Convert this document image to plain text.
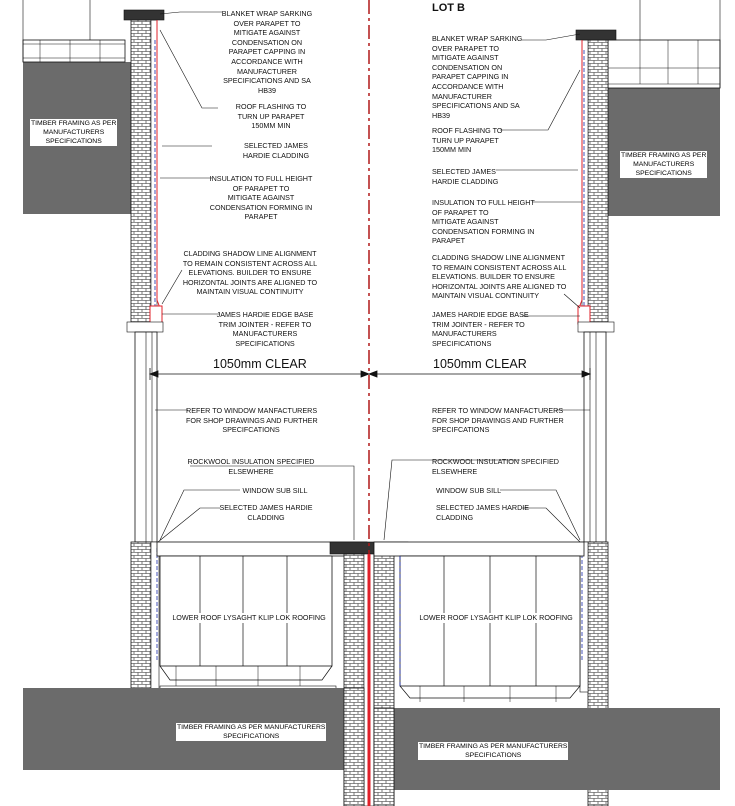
LOT B
1050mm CLEAR	1050mm CLEAR
BLANKET WRAP SARKING
OVER PARAPET TO
MITIGATE AGAINST
CONDENSATION ON
PARAPET CAPPING IN
ACCORDANCE WITH
MANUFACTURER
SPECIFICATIONS AND SA
HB39
ROOF FLASHING TO
TURN UP PARAPET
150MM MIN
SELECTED JAMES
HARDIE CLADDING
INSULATION TO FULL HEIGHT
OF PARAPET TO
MITIGATE AGAINST
CONDENSATION FORMING IN
PARAPET
CLADDING SHADOW LINE ALIGNMENT
TO REMAIN CONSISTENT ACROSS ALL
ELEVATIONS. BUILDER TO ENSURE
HORIZONTAL JOINTS ARE ALIGNED TO
MAINTAIN VISUAL CONTINUITY
JAMES HARDIE EDGE BASE
TRIM JOINTER - REFER TO
MANUFACTURERS
SPECIFICATIONS
REFER TO WINDOW MANFACTURERS
FOR SHOP DRAWINGS AND FURTHER
SPECIFCATIONS
ROCKWOOL INSULATION SPECIFIED
ELSEWHERE
WINDOW SUB SILL
SELECTED JAMES HARDIE
CLADDING
LOWER ROOF LYSAGHT KLIP LOK ROOFING
BLANKET WRAP SARKING
OVER PARAPET TO
MITIGATE AGAINST
CONDENSATION ON
PARAPET CAPPING IN
ACCORDANCE WITH
MANUFACTURER
SPECIFICATIONS AND SA
HB39
ROOF FLASHING TO
TURN UP PARAPET
150MM MIN
SELECTED JAMES
HARDIE CLADDING
INSULATION TO FULL HEIGHT
OF PARAPET TO
MITIGATE AGAINST
CONDENSATION FORMING IN
PARAPET
CLADDING SHADOW LINE ALIGNMENT
TO REMAIN CONSISTENT ACROSS ALL
ELEVATIONS. BUILDER TO ENSURE
HORIZONTAL JOINTS ARE ALIGNED TO
MAINTAIN VISUAL CONTINUITY
JAMES HARDIE EDGE BASE
TRIM JOINTER - REFER TO
MANUFACTURERS
SPECIFICATIONS
REFER TO WINDOW MANFACTURERS
FOR SHOP DRAWINGS AND FURTHER
SPECIFCATIONS
ROCKWOOL INSULATION SPECIFIED
ELSEWHERE
WINDOW SUB SILL
SELECTED JAMES HARDIE
CLADDING
LOWER ROOF LYSAGHT KLIP LOK ROOFING
TIMBER FRAMING AS PER
MANUFACTURERS
SPECIFICATIONS
TIMBER FRAMING AS PER
MANUFACTURERS
SPECIFICATIONS
TIMBER FRAMING AS PER MANUFACTURERS
SPECIFICATIONS
TIMBER FRAMING AS PER MANUFACTURERS
SPECIFICATIONS
